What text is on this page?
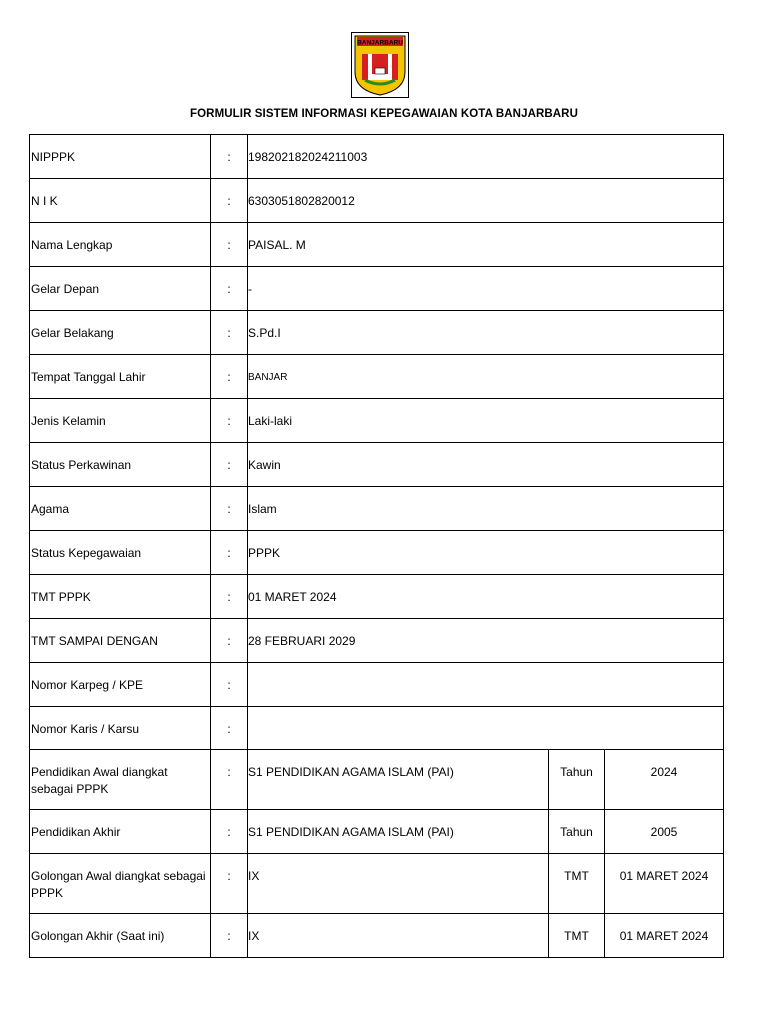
BANJARBARU
FORMULIR SISTEM INFORMASI KEPEGAWAIAN KOTA BANJARBARU
NIPPPK	:	198202182024211003		
N I K	:	6303051802820012		
Nama Lengkap	:	PAISAL. M		
Gelar Depan	:	-		
Gelar Belakang	:	S.Pd.I		
Tempat Tanggal Lahir	:	BANJAR		
Jenis Kelamin	:	Laki-laki		
Status Perkawinan	:	Kawin		
Agama	:	Islam		
Status Kepegawaian	:	PPPK		
TMT PPPK	:	01 MARET 2024		
TMT SAMPAI DENGAN	:	28 FEBRUARI 2029		
Nomor Karpeg / KPE	:			
Nomor Karis / Karsu	:			
Pendidikan Awal diangkat sebagai PPPK	:	S1 PENDIDIKAN AGAMA ISLAM (PAI)	Tahun	2024
Pendidikan Akhir	:	S1 PENDIDIKAN AGAMA ISLAM (PAI)	Tahun	2005
Golongan Awal diangkat sebagai PPPK	:	IX	TMT	01 MARET 2024
Golongan Akhir (Saat ini)	:	IX	TMT	01 MARET 2024
